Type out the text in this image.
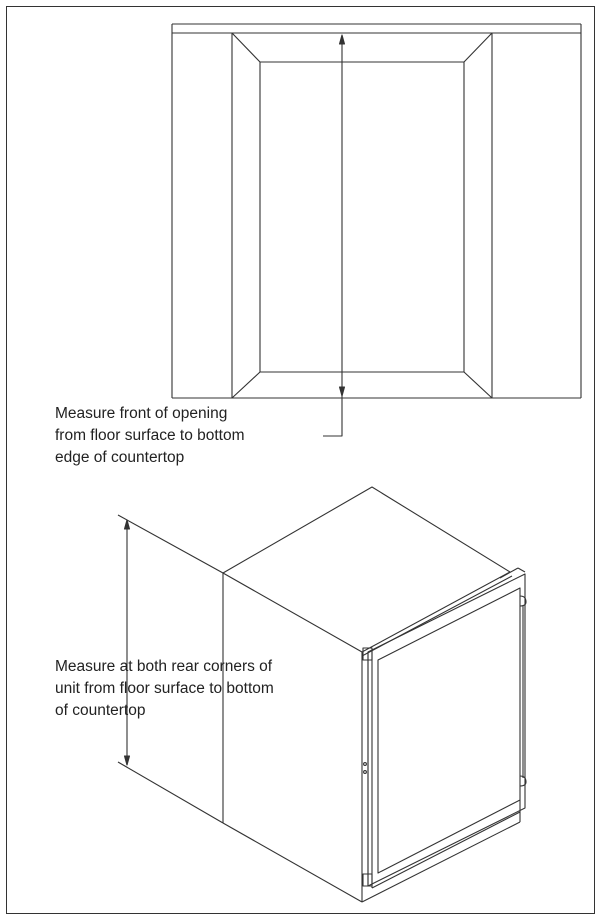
Measure front of opening
from floor surface to bottom
edge of countertop
Measure at both rear corners of
unit from floor surface to bottom
of countertop
